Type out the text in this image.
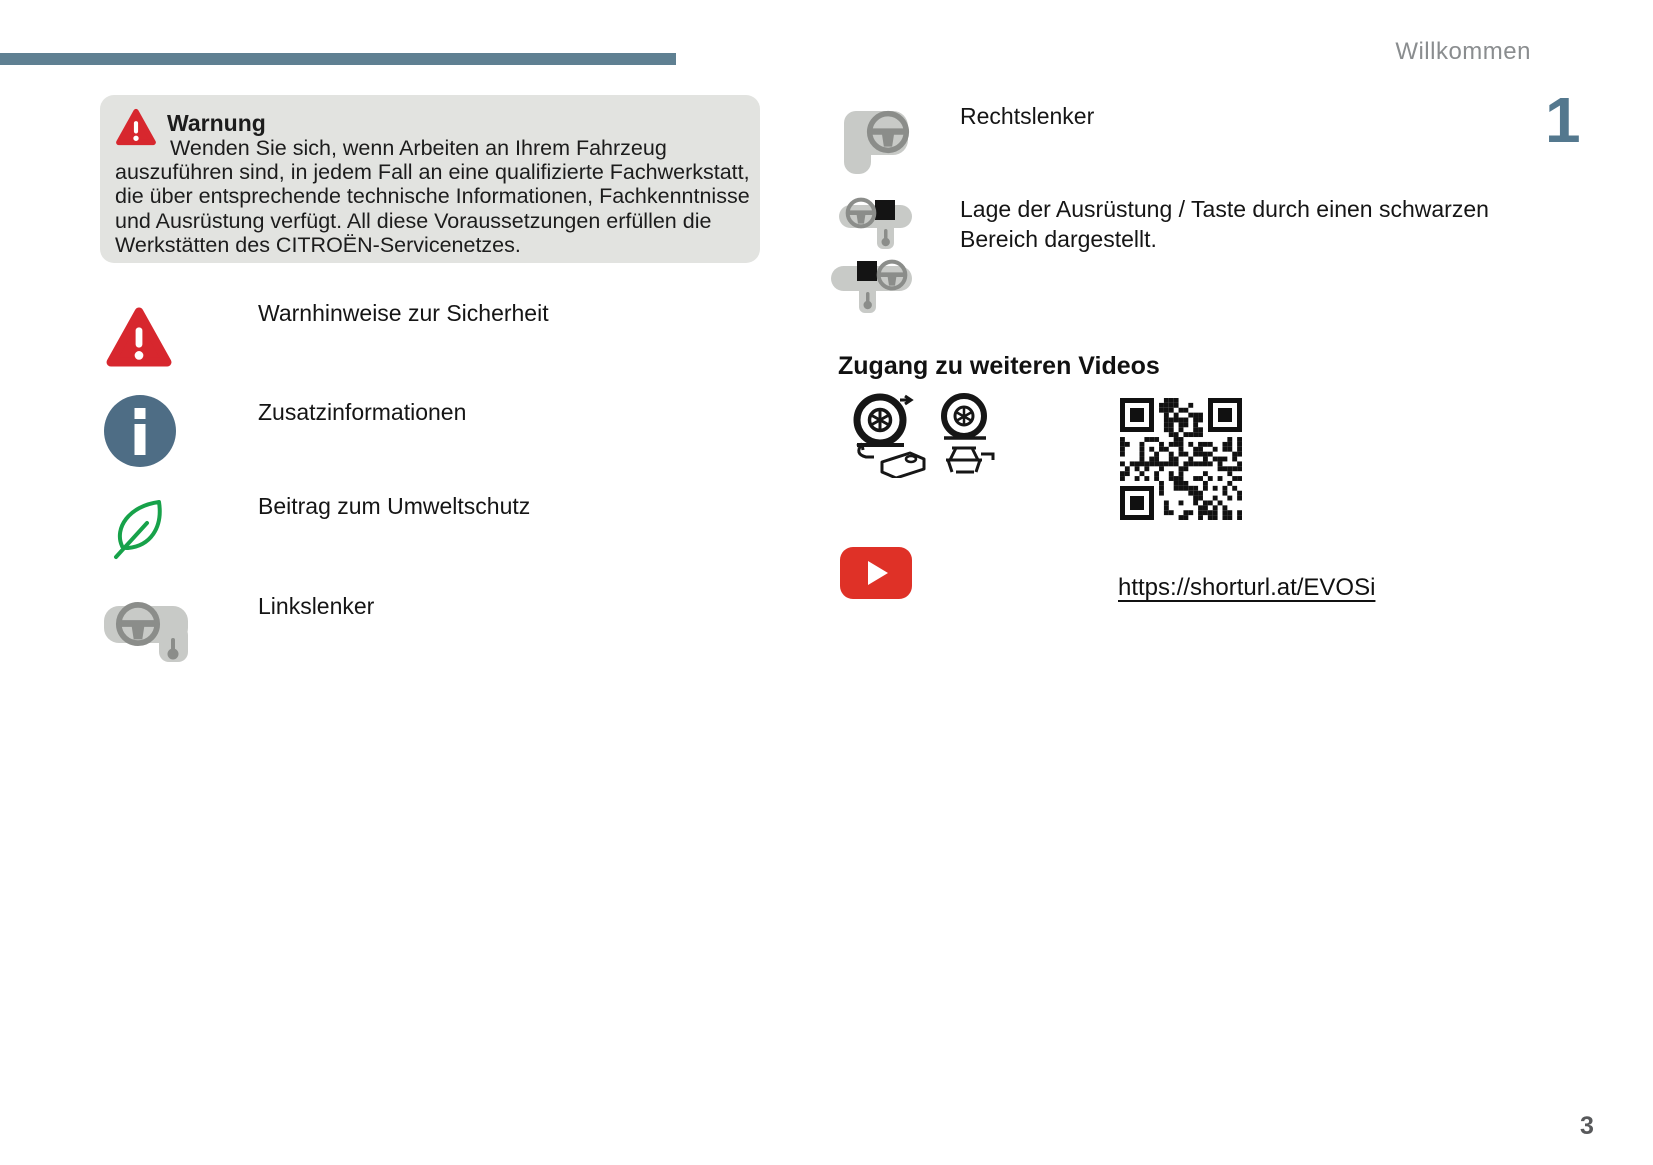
Willkommen
1
Warnung
Wenden Sie sich, wenn Arbeiten an Ihrem Fahrzeug
auszuführen sind, in jedem Fall an eine qualifizierte Fachwerkstatt,
die über entsprechende technische Informationen, Fachkenntnisse
und Ausrüstung verfügt. All diese Voraussetzungen erfüllen die
Werkstätten des CITROËN-Servicenetzes.
Warnhinweise zur Sicherheit
Zusatzinformationen
Beitrag zum Umweltschutz
Linkslenker
Rechtslenker
Lage der Ausrüstung / Taste durch einen schwarzen
Bereich dargestellt.
Zugang zu weiteren Videos
https://shorturl.at/EVOSi
3
